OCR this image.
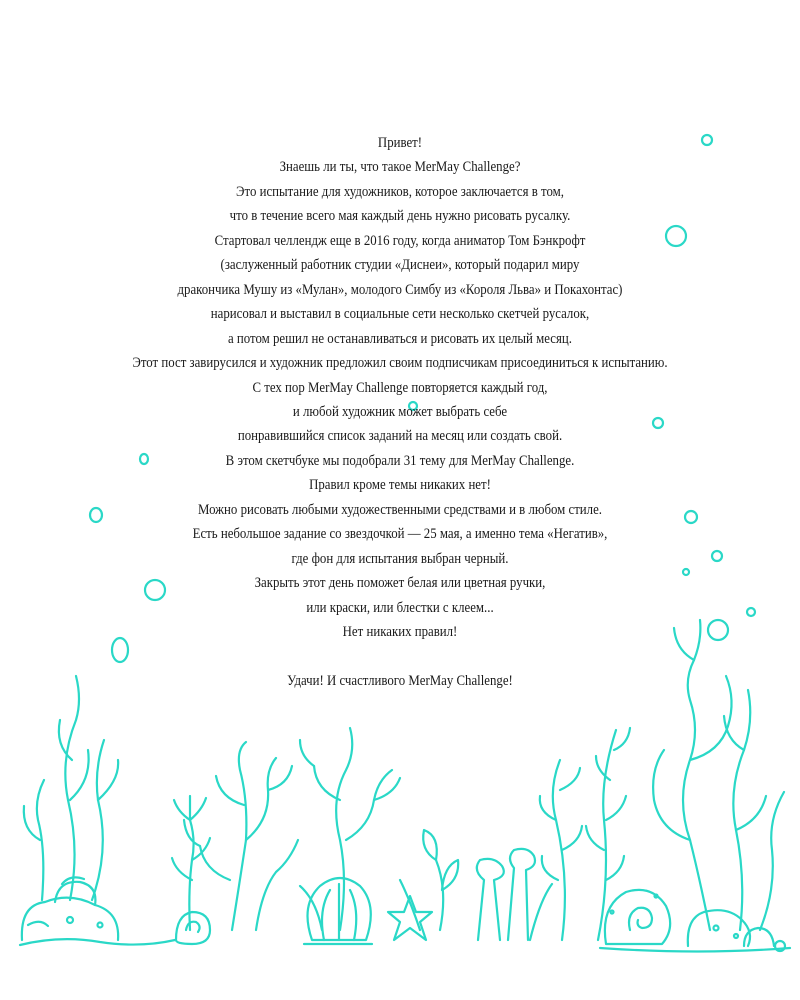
Привет!
Знаешь ли ты, что такое MerMay Challenge?
Это испытание для художников, которое заключается в том,
что в течение всего мая каждый день нужно рисовать русалку.
Стартовал челлендж еще в 2016 году, когда аниматор Том Бэнкрофт
(заслуженный работник студии «Диснеи», который подарил миру
дракончика Мушу из «Мулан», молодого Симбу из «Короля Льва» и Покахонтас)
нарисовал и выставил в социальные сети несколько скетчей русалок,
а потом решил не останавливаться и рисовать их целый месяц.
Этот пост завирусился и художник предложил своим подписчикам присоединиться к испытанию.
С тех пор MerMay Challenge повторяется каждый год,
и любой художник может выбрать себе
понравившийся список заданий на месяц или создать свой.
В этом скетчбуке мы подобрали 31 тему для MerMay Challenge.
Правил кроме темы никаких нет!
Можно рисовать любыми художественными средствами и в любом стиле.
Есть небольшое задание со звездочкой — 25 мая, а именно тема «Негатив»,
где фон для испытания выбран черный.
Закрыть этот день поможет белая или цветная ручки,
или краски, или блестки с клеем...
Нет никаких правил!
Удачи! И счастливого MerMay Challenge!
